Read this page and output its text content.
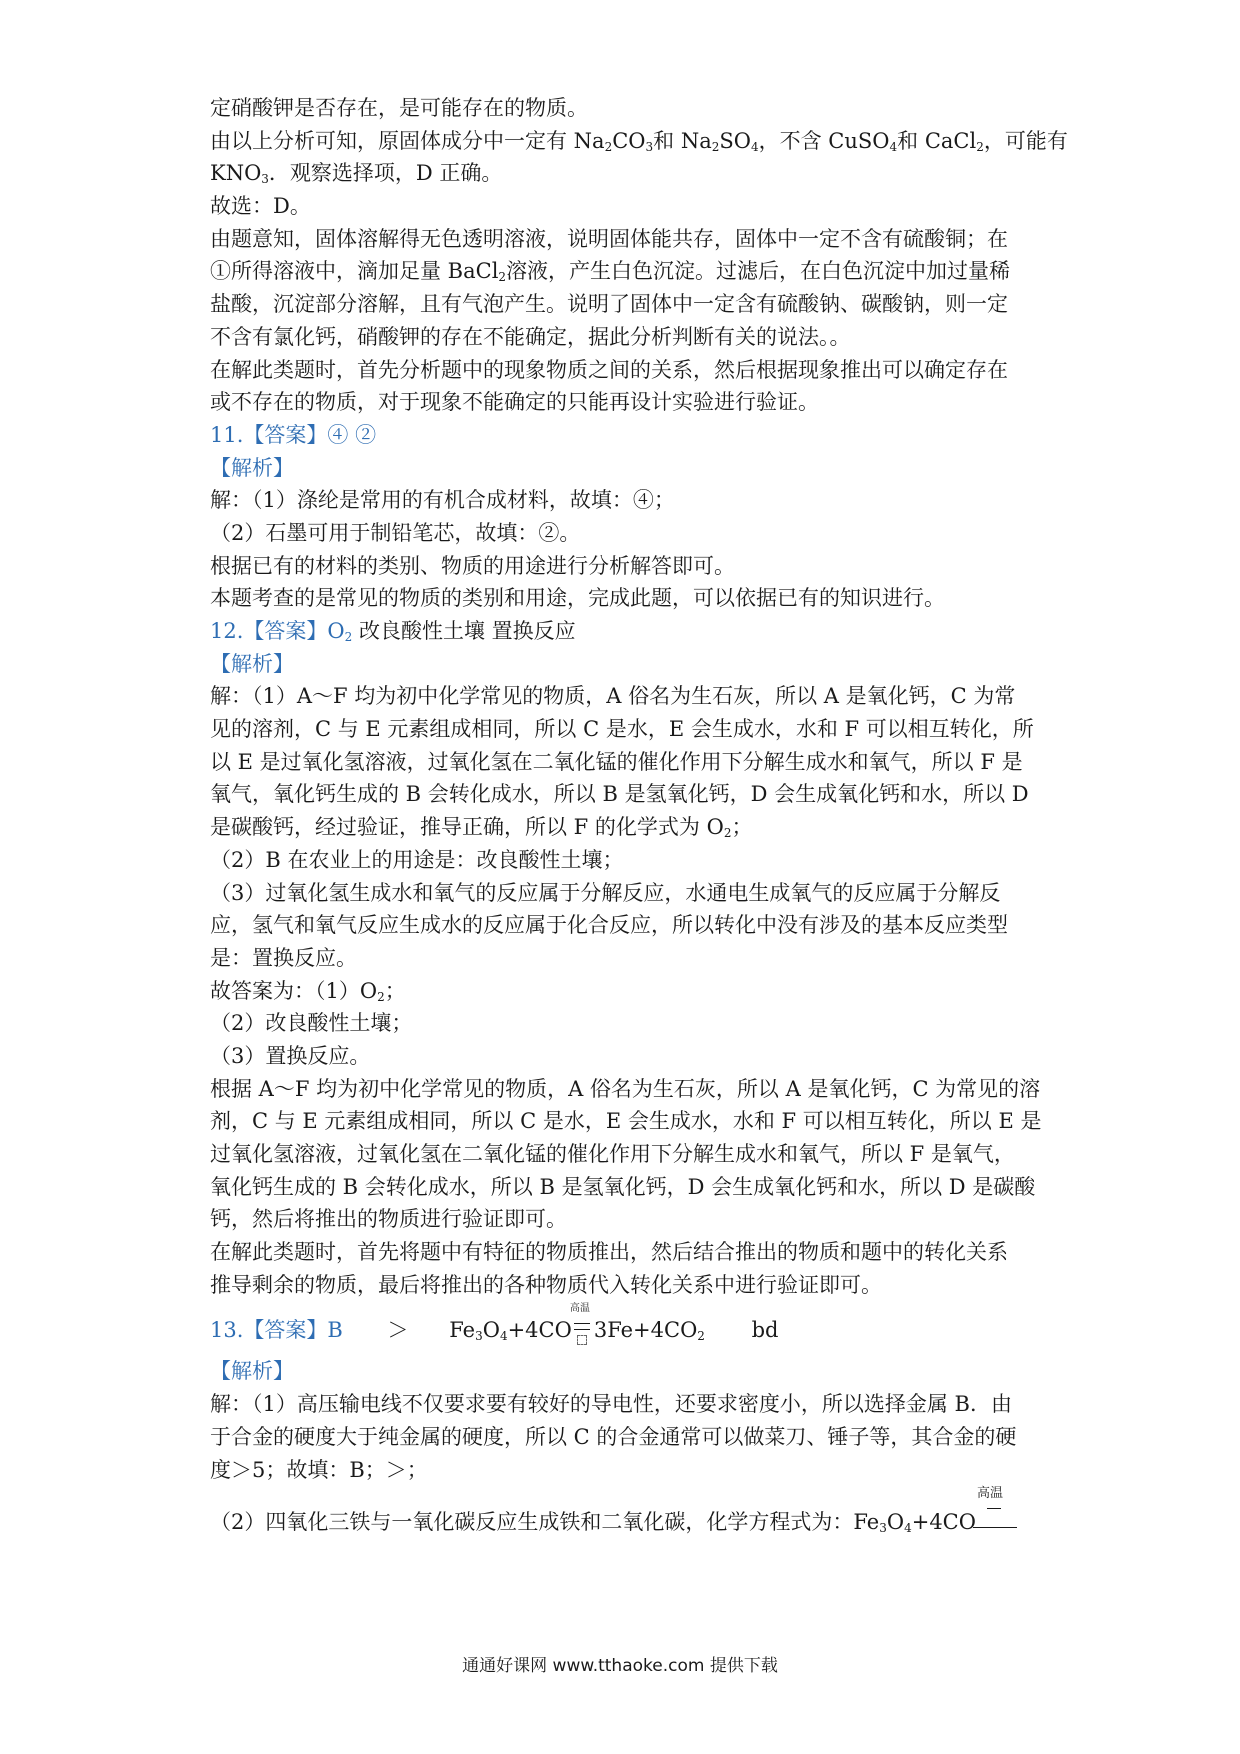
定硝酸钾是否存在，是可能存在的物质。
由以上分析可知，原固体成分中一定有 $Na_2CO_3$和 $Na_2SO_4$，不含 CuSO$_4$和 CaCl$_2$，可能有
$KNO_3$．观察选择项，D 正确。
故选：D。
由题意知，固体溶解得无色透明溶液，说明固体能共存，固体中一定不含有硫酸铜；在
①所得溶液中，滴加足量 BaCl$_2$溶液，产生白色沉淀。过滤后，在白色沉淀中加过量稀
盐酸，沉淀部分溶解，且有气泡产生。说明了固体中一定含有硫酸钠、碳酸钠，则一定
不含有氯化钙，硝酸钾的存在不能确定，据此分析判断有关的说法。。
在解此类题时，首先分析题中的现象物质之间的关系，然后根据现象推出可以确定存在
或不存在的物质，对于现象不能确定的只能再设计实验进行验证。
11.【答案】④ ②
【解析】
解：（1）涤纶是常用的有机合成材料，故填：④；
（2）石墨可用于制铅笔芯，故填：②。
根据已有的材料的类别、物质的用途进行分析解答即可。
本题考查的是常见的物质的类别和用途，完成此题，可以依据已有的知识进行。
12.【答案】$O_2$ 改良酸性土壤 置换反应
【解析】
解：（1）A～F 均为初中化学常见的物质，A 俗名为生石灰，所以 A 是氧化钙，C 为常
见的溶剂，C 与 E 元素组成相同，所以 C 是水，E 会生成水，水和 F 可以相互转化，所
以 E 是过氧化氢溶液，过氧化氢在二氧化锰的催化作用下分解生成水和氧气，所以 F 是
氧气，氧化钙生成的 B 会转化成水，所以 B 是氢氧化钙，D 会生成氧化钙和水，所以 D
是碳酸钙，经过验证，推导正确，所以 F 的化学式为 $O_2$；
（2）B 在农业上的用途是：改良酸性土壤；
（3）过氧化氢生成水和氧气的反应属于分解反应，水通电生成氧气的反应属于分解反
应，氢气和氧气反应生成水的反应属于化合反应，所以转化中没有涉及的基本反应类型
是：置换反应。
故答案为：$(1)O_2$；
（2）改良酸性土壤；
（3）置换反应。
根据 A～F 均为初中化学常见的物质，A 俗名为生石灰，所以 A 是氧化钙，C 为常见的溶
剂，C 与 E 元素组成相同，所以 C 是水，E 会生成水，水和 F 可以相互转化，所以 E 是
过氧化氢溶液，过氧化氢在二氧化锰的催化作用下分解生成水和氧气，所以 F 是氧气，
氧化钙生成的 B 会转化成水，所以 B 是氢氧化钙，D 会生成氧化钙和水，所以 D 是碳酸
钙，然后将推出的物质进行验证即可。
在解此类题时，首先将题中有特征的物质推出，然后结合推出的物质和题中的转化关系
推导剩余的物质，最后将推出的各种物质代入转化关系中进行验证即可。
13.【答案】$B > Fe_3O_4+4CO$
高温
$3Fe+4CO_2$ bd
【解析】
解：（1）高压输电线不仅要求要有较好的导电性，还要求密度小，所以选择金属 B．由
于合金的硬度大于纯金属的硬度，所以 C 的合金通常可以做菜刀、锤子等，其合金的硬
度＞5；故填：B；＞；
（2）四氧化三铁与一氧化碳反应生成铁和二氧化碳，化学方程式为：$Fe_3O_4+4CO$
高温
通通好课网 www.tthaoke.com 提供下载
